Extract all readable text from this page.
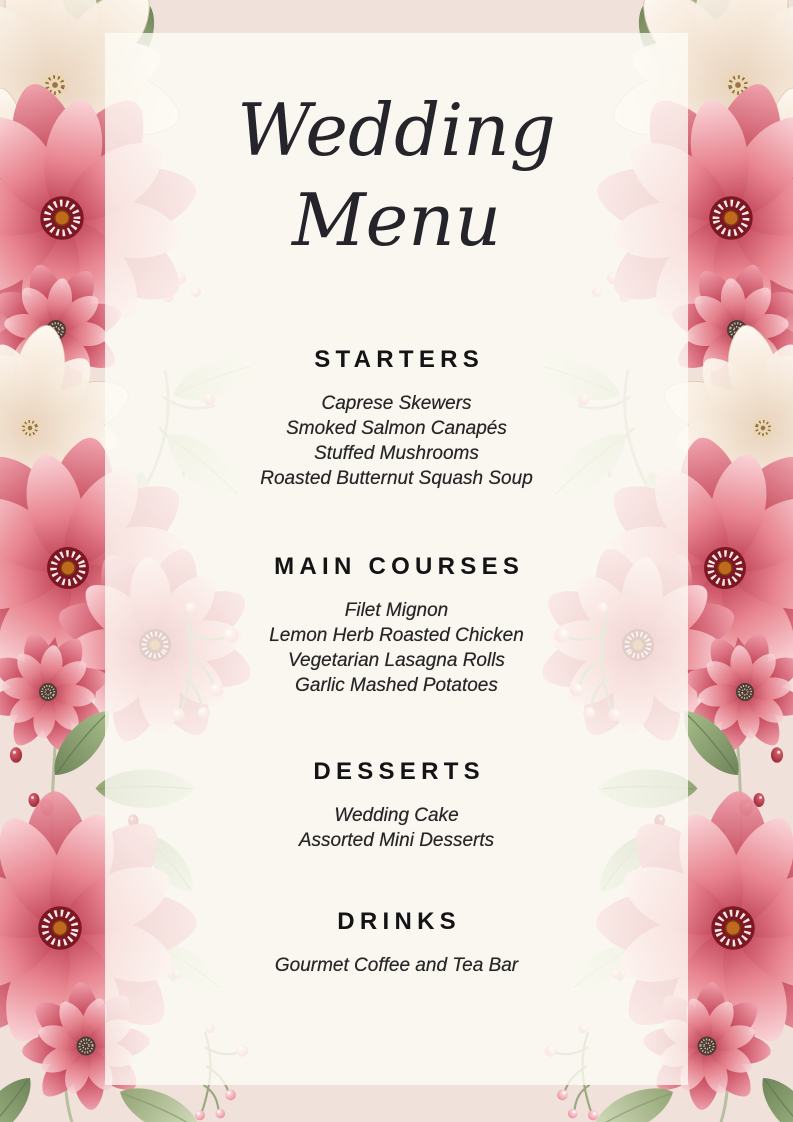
Wedding
Menu
STARTERS
Caprese Skewers
Smoked Salmon Canapés
Stuffed Mushrooms
Roasted Butternut Squash Soup
MAIN COURSES
Filet Mignon
Lemon Herb Roasted Chicken
Vegetarian Lasagna Rolls
Garlic Mashed Potatoes
DESSERTS
Wedding Cake
Assorted Mini Desserts
DRINKS
Gourmet Coffee and Tea Bar
